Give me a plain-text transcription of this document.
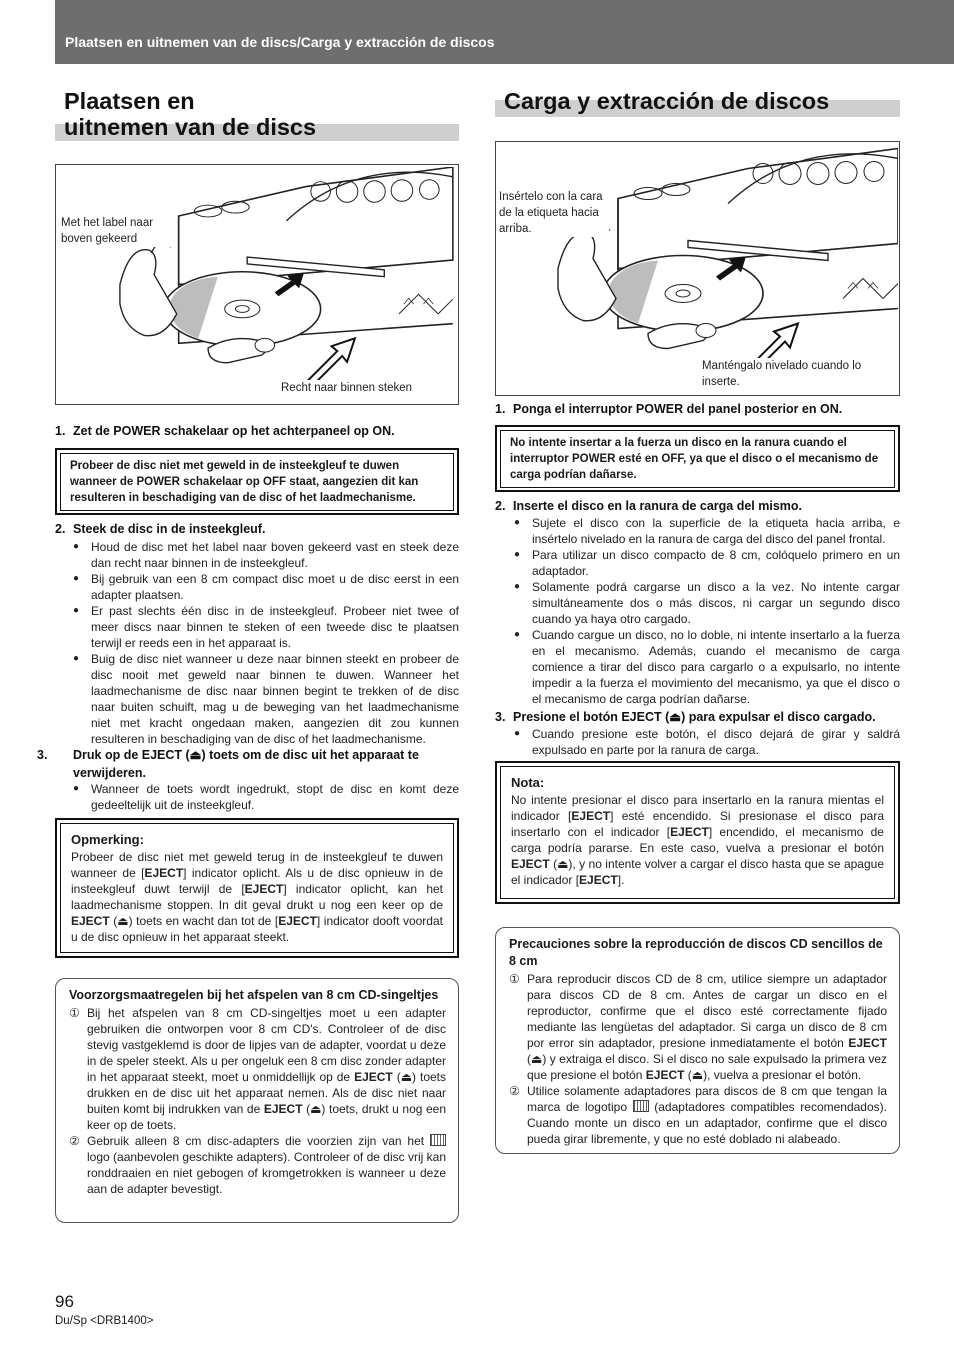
Plaatsen en uitnemen van de discs/Carga y extracción de discos
Plaatsen en
uitnemen van de discs
Met het label naar boven gekeerd
Recht naar binnen steken
1. Zet de POWER schakelaar op het achterpaneel op ON.
Probeer de disc niet met geweld in de insteekgleuf te duwen wanneer de POWER schakelaar op OFF staat, aangezien dit kan resulteren in beschadiging van de disc of het laadmechanisme.
2. Steek de disc in de insteekgleuf.
● Houd de disc met het label naar boven gekeerd vast en steek deze dan recht naar binnen in de insteekgleuf.
● Bij gebruik van een 8 cm compact disc moet u de disc eerst in een adapter plaatsen.
● Er past slechts één disc in de insteekgleuf. Probeer niet twee of meer discs naar binnen te steken of een tweede disc te plaatsen terwijl er reeds een in het apparaat is.
● Buig de disc niet wanneer u deze naar binnen steekt en probeer de disc nooit met geweld naar binnen te duwen. Wanneer het laadmechanisme de disc naar binnen begint te trekken of de disc naar buiten schuift, mag u de beweging van het laadmechanisme niet met kracht ongedaan maken, aangezien dit zou kunnen resulteren in beschadiging van de disc of het laadmechanisme.
3. Druk op de EJECT (⏏) toets om de disc uit het apparaat te verwijderen.
● Wanneer de toets wordt ingedrukt, stopt de disc en komt deze gedeeltelijk uit de insteekgleuf.
Opmerking:
Probeer de disc niet met geweld terug in de insteekgleuf te duwen wanneer de [EJECT] indicator oplicht. Als u de disc opnieuw in de insteekgleuf duwt terwijl de [EJECT] indicator oplicht, kan het laadmechanisme stoppen. In dit geval drukt u nog een keer op de EJECT (⏏) toets en wacht dan tot de [EJECT] indicator dooft voordat u de disc opnieuw in het apparaat steekt.
Voorzorgsmaatregelen bij het afspelen van 8 cm CD-singeltjes
① Bij het afspelen van 8 cm CD-singeltjes moet u een adapter gebruiken die ontworpen voor 8 cm CD's. Controleer of de disc stevig vastgeklemd is door de lipjes van de adapter, voordat u deze in de speler steekt. Als u per ongeluk een 8 cm disc zonder adapter in het apparaat steekt, moet u onmiddellijk op de EJECT (⏏) toets drukken en de disc uit het apparaat nemen. Als de disc niet naar buiten komt bij indrukken van de EJECT (⏏) toets, drukt u nog een keer op de toets.
② Gebruik alleen 8 cm disc-adapters die voorzien zijn van het  logo (aanbevolen geschikte adapters). Controleer of de disc vrij kan ronddraaien en niet gebogen of kromgetrokken is wanneer u deze aan de adapter bevestigt.
Carga y extracción de discos
Insértelo con la cara de la etiqueta hacia arriba.
Manténgalo nivelado cuando lo inserte.
1. Ponga el interruptor POWER del panel posterior en ON.
No intente insertar a la fuerza un disco en la ranura cuando el interruptor POWER esté en OFF, ya que el disco o el mecanismo de carga podrían dañarse.
2. Inserte el disco en la ranura de carga del mismo.
● Sujete el disco con la superficie de la etiqueta hacia arriba, e insértelo nivelado en la ranura de carga del disco del panel frontal.
● Para utilizar un disco compacto de 8 cm, colóquelo primero en un adaptador.
● Solamente podrá cargarse un disco a la vez. No intente cargar simultáneamente dos o más discos, ni cargar un segundo disco cuando ya haya otro cargado.
● Cuando cargue un disco, no lo doble, ni intente insertarlo a la fuerza en el mecanismo. Además, cuando el mecanismo de carga comience a tirar del disco para cargarlo o a expulsarlo, no intente impedir a la fuerza el movimiento del mecanismo, ya que el disco o el mecanismo de carga podrían dañarse.
3. Presione el botón EJECT (⏏) para expulsar el disco cargado.
● Cuando presione este botón, el disco dejará de girar y saldrá expulsado en parte por la ranura de carga.
Nota:
No intente presionar el disco para insertarlo en la ranura mientas el indicador [EJECT] esté encendido. Si presionase el disco para insertarlo con el indicador [EJECT] encendido, el mecanismo de carga podría pararse. En este caso, vuelva a presionar el botón EJECT (⏏), y no intente volver a cargar el disco hasta que se apague el indicador [EJECT].
Precauciones sobre la reproducción de discos CD sencillos de 8 cm
① Para reproducir discos CD de 8 cm, utilice siempre un adaptador para discos CD de 8 cm. Antes de cargar un disco en el reproductor, confirme que el disco esté correctamente fijado mediante las lengüetas del adaptador. Si carga un disco de 8 cm por error sin adaptador, presione inmediatamente el botón EJECT (⏏) y extraiga el disco. Si el disco no sale expulsado la primera vez que presione el botón EJECT (⏏), vuelva a presionar el botón.
② Utilice solamente adaptadores para discos de 8 cm que tengan la marca de logotipo  (adaptadores compatibles recomendados). Cuando monte un disco en un adaptador, confirme que el disco pueda girar libremente, y que no esté doblado ni alabeado.
96
Du/Sp <DRB1400>
